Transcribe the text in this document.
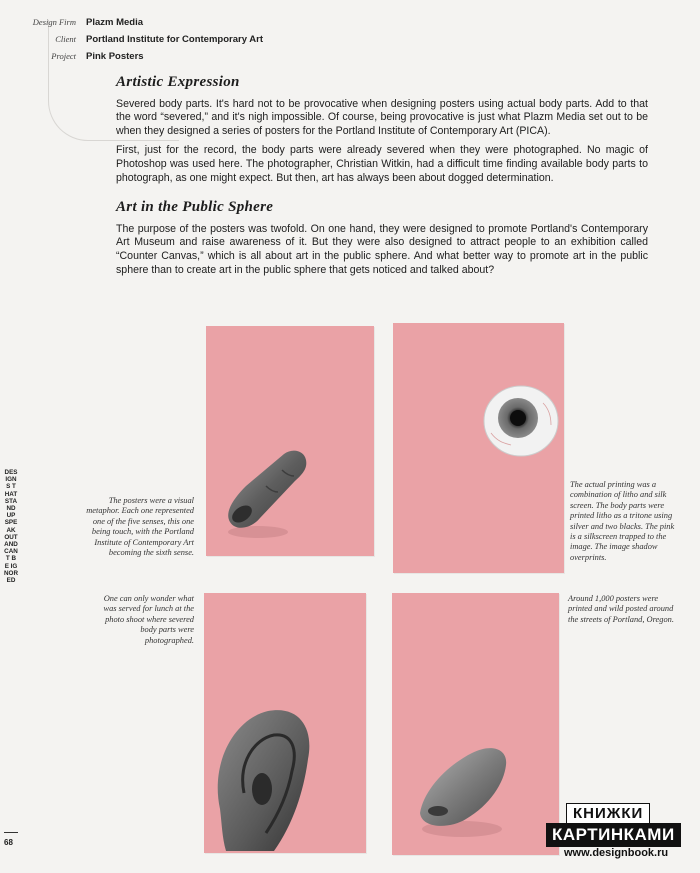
Design Firm	Plazm Media
Client	Portland Institute for Contemporary Art
Project	Pink Posters
Artistic Expression

Severed body parts. It's hard not to be provocative when designing posters using actual body parts. Add to that the word “severed,” and it's nigh impossible. Of course, being provocative is just what Plazm Media set out to be when they designed a series of posters for the Portland Institute of Contemporary Art (PICA).

First, just for the record, the body parts were already severed when they were photographed. No magic of Photoshop was used here. The photographer, Christian Witkin, had a difficult time finding available body parts to photograph, as one might expect. But then, art has always been about dogged determination.

Art in the Public Sphere

The purpose of the posters was twofold. On one hand, they were designed to promote Portland's Contemporary Art Museum and raise awareness of it. But they were also designed to attract people to an exhibition called “Counter Canvas,” which is all about art in the public sphere. And what better way to promote art in the public sphere than to create art in the public sphere that gets noticed and talked about?

The posters were a visual metaphor. Each one represented one of the five senses, this one being touch, with the Portland Institute of Contemporary Art becoming the sixth sense.
One can only wonder what was served for lunch at the photo shoot where severed body parts were photographed.
The actual printing was a combination of litho and silk screen. The body parts were printed litho as a tritone using silver and two blacks. The pink is a silkscreen trapped to the image. The image shadow overprints.
Around 1,000 posters were printed and wild posted around the streets of Portland, Oregon.
DESIGNS THAT STAND UP SPEAK OUT AND CANT BE IGNORED
68
КНИЖКИ
КАРТИНКАМИ
www.designbook.ru
